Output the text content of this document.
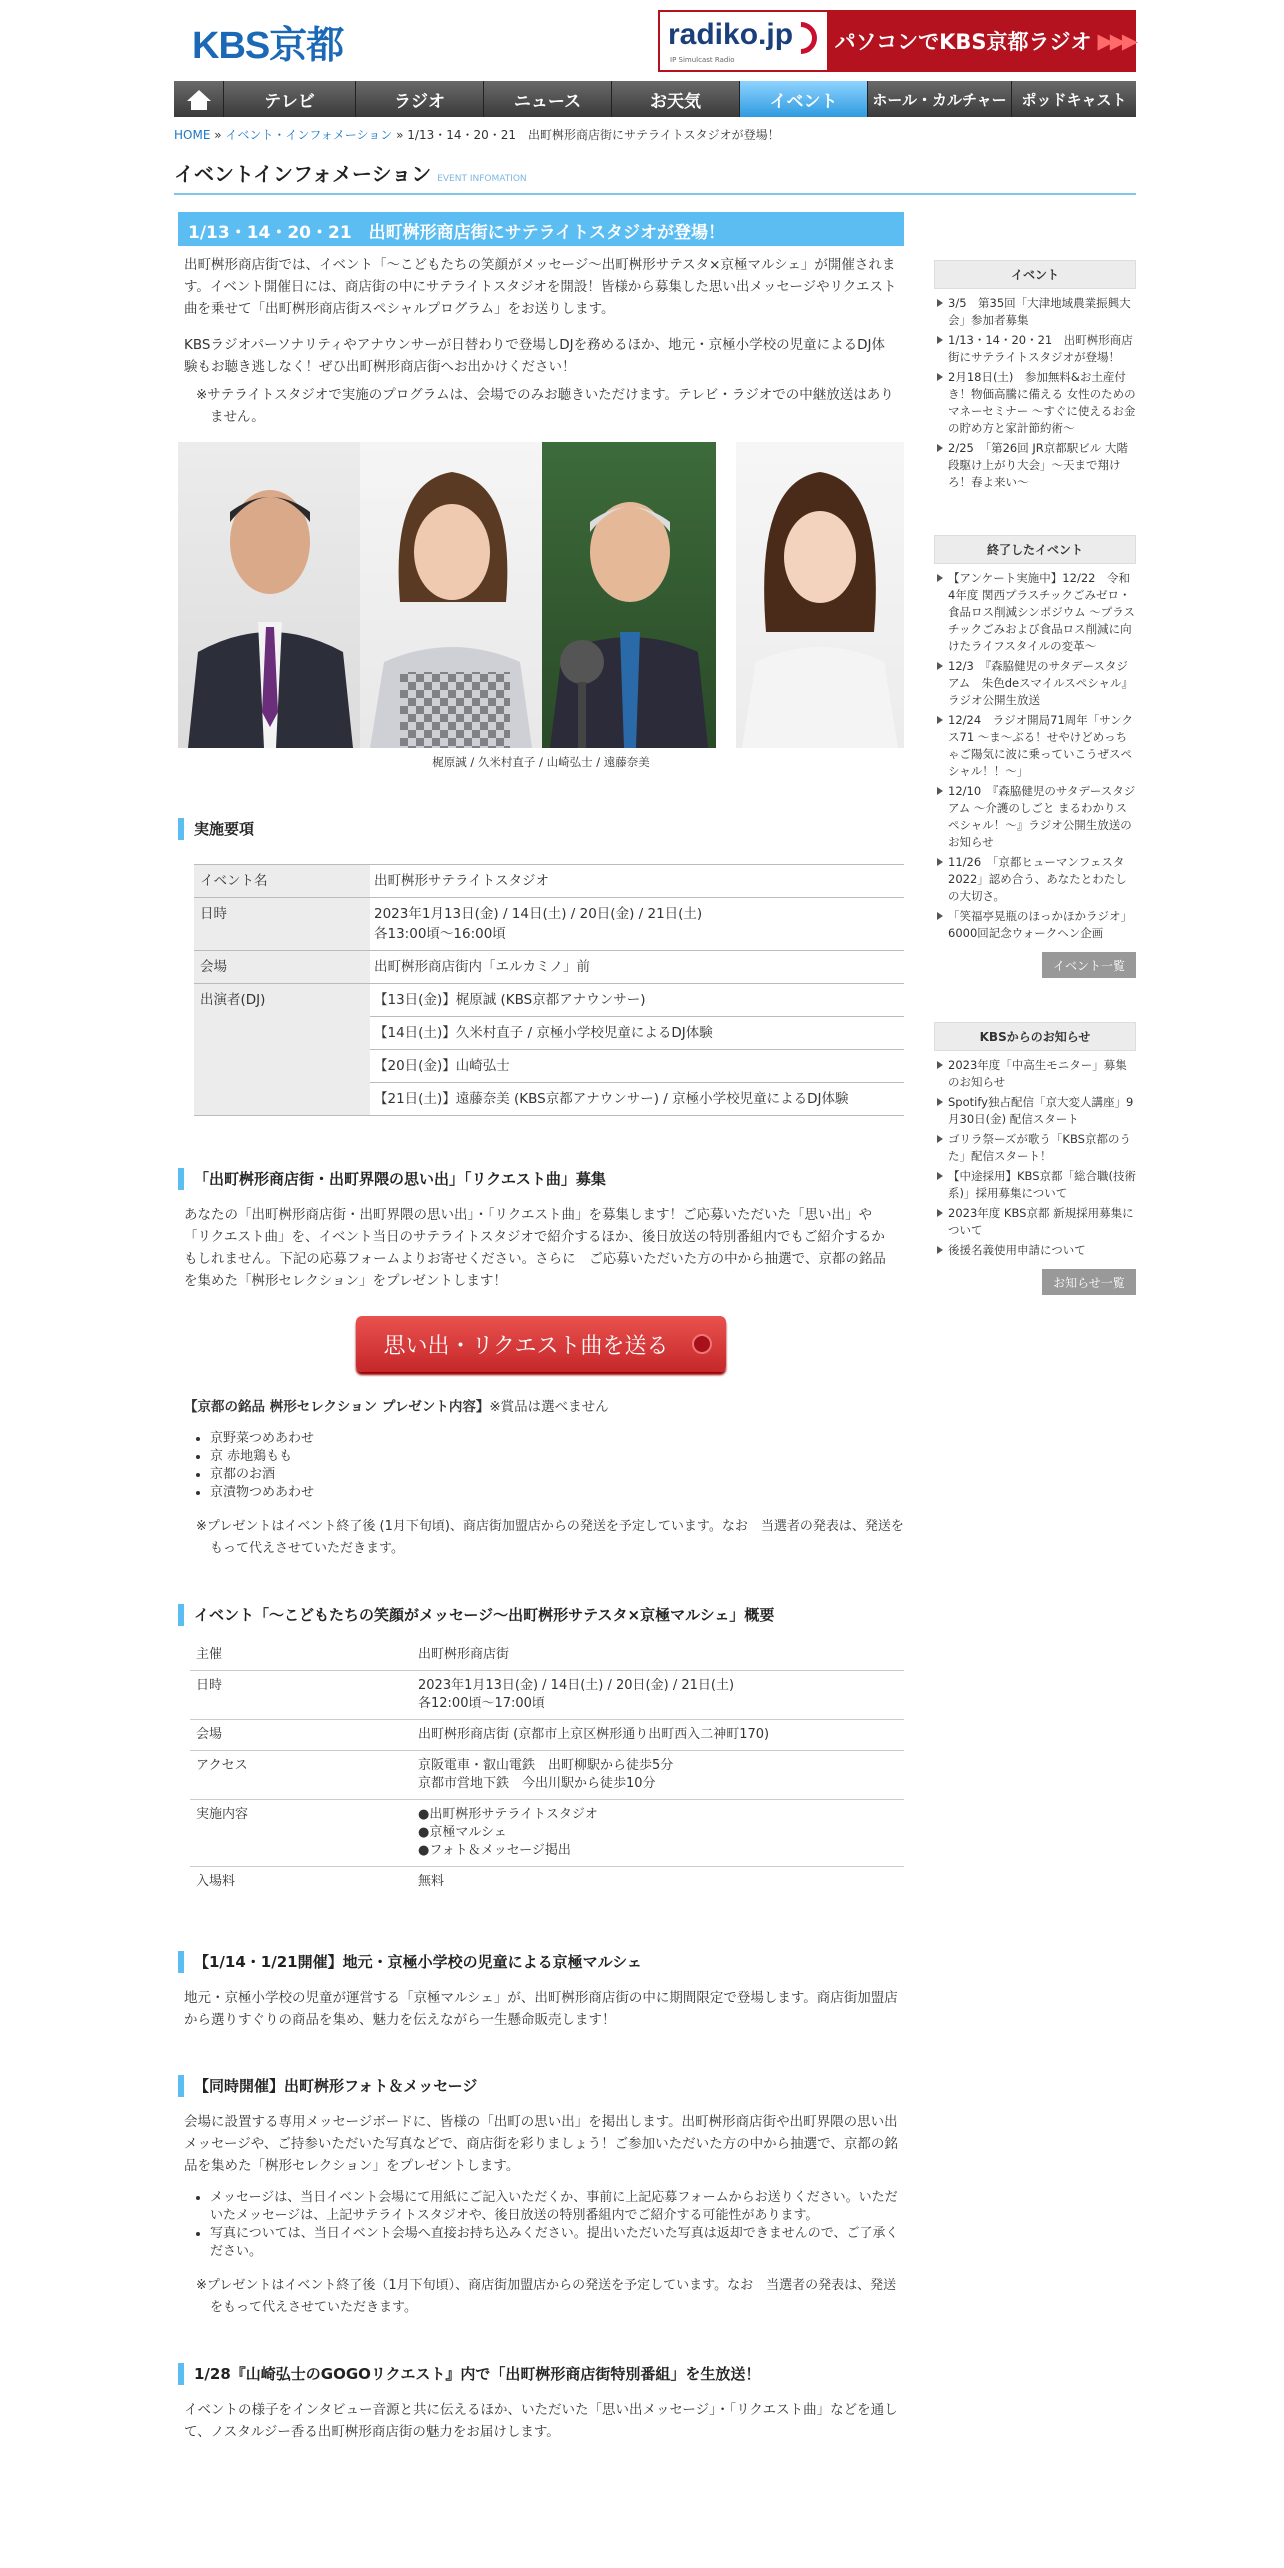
KBS京都	radiko.jp
IP Simulcast Radio
パソコンでKBS京都ラジオ ▶▶▶
テレビ	ラジオ	ニュース	お天気	イベント	ホール・カルチャー ポッドキャスト
HOME » イベント・インフォメーション » 1/13・14・20・21　出町桝形商店街にサテライトスタジオが登場！
イベントインフォメーション EVENT INFOMATION
1/13・14・20・21　出町桝形商店街にサテライトスタジオが登場！

出町桝形商店街では、イベント「～こどもたちの笑顔がメッセージ～出町桝形サテスタ×京極マルシェ」が開催されます。イベント開催日には、商店街の中にサテライトスタジオを開設！皆様から募集した思い出メッセージやリクエスト曲を乗せて「出町桝形商店街スペシャルプログラム」をお送りします。

KBSラジオパーソナリティやアナウンサーが日替わりで登場しDJを務めるほか、地元・京極小学校の児童によるDJ体験もお聴き逃しなく！ぜひ出町桝形商店街へお出かけください！

※サテライトスタジオで実施のプログラムは、会場でのみお聴きいただけます。テレビ・ラジオでの中継放送はありません。

梶原誠 / 久米村直子 / 山崎弘士 / 遠藤奈美

実施要項
イベント名	出町桝形サテライトスタジオ
日時	2023年1月13日(金) / 14日(土) / 20日(金) / 21日(土)
各13:00頃～16:00頃
会場	出町桝形商店街内「エルカミノ」前
出演者(DJ)	【13日(金)】梶原誠 (KBS京都アナウンサー)
	【14日(土)】久米村直子 / 京極小学校児童によるDJ体験
	【20日(金)】山崎弘士
	【21日(土)】遠藤奈美 (KBS京都アナウンサー) / 京極小学校児童によるDJ体験
「出町桝形商店街・出町界隈の思い出」「リクエスト曲」募集

あなたの「出町桝形商店街・出町界隈の思い出」・「リクエスト曲」を募集します！ご応募いただいた「思い出」や「リクエスト曲」を、イベント当日のサテライトスタジオで紹介するほか、後日放送の特別番組内でもご紹介するかもしれません。下記の応募フォームよりお寄せください。さらに　ご応募いただいた方の中から抽選で、京都の銘品を集めた「桝形セレクション」をプレゼントします！

思い出・リクエスト曲を送る

【京都の銘品 桝形セレクション プレゼント内容】※賞品は選べません

• 京野菜つめあわせ
• 京 赤地鶏もも
• 京都のお酒
• 京漬物つめあわせ

※プレゼントはイベント終了後 (1月下旬頃)、商店街加盟店からの発送を予定しています。なお　当選者の発表は、発送をもって代えさせていただきます。

イベント「～こどもたちの笑顔がメッセージ～出町桝形サテスタ×京極マルシェ」概要
主催	出町桝形商店街
日時	2023年1月13日(金) / 14日(土) / 20日(金) / 21日(土)
各12:00頃～17:00頃
会場	出町桝形商店街 (京都市上京区桝形通り出町西入二神町170)
アクセス	京阪電車・叡山電鉄　出町柳駅から徒歩5分
京都市営地下鉄　今出川駅から徒歩10分
実施内容	●出町桝形サテライトスタジオ
●京極マルシェ
●フォト＆メッセージ掲出
入場料	無料
【1/14・1/21開催】地元・京極小学校の児童による京極マルシェ

地元・京極小学校の児童が運営する「京極マルシェ」が、出町桝形商店街の中に期間限定で登場します。商店街加盟店から選りすぐりの商品を集め、魅力を伝えながら一生懸命販売します！

【同時開催】出町桝形フォト＆メッセージ

会場に設置する専用メッセージボードに、皆様の「出町の思い出」を掲出します。出町桝形商店街や出町界隈の思い出メッセージや、ご持参いただいた写真などで、商店街を彩りましょう！ご参加いただいた方の中から抽選で、京都の銘品を集めた「桝形セレクション」をプレゼントします。

• メッセージは、当日イベント会場にて用紙にご記入いただくか、事前に上記応募フォームからお送りください。いただいたメッセージは、上記サテライトスタジオや、後日放送の特別番組内でご紹介する可能性があります。
• 写真については、当日イベント会場へ直接お持ち込みください。提出いただいた写真は返却できませんので、ご了承ください。

※プレゼントはイベント終了後（1月下旬頃）、商店街加盟店からの発送を予定しています。なお　当選者の発表は、発送をもって代えさせていただきます。

1/28『山崎弘士のGOGOリクエスト』内で「出町桝形商店街特別番組」を生放送！

イベントの様子をインタビュー音源と共に伝えるほか、いただいた「思い出メッセージ」・「リクエスト曲」などを通して、ノスタルジー香る出町桝形商店街の魅力をお届けします。

イベント
3/5　第35回「大津地域農業振興大会」参加者募集
1/13・14・20・21　出町桝形商店街にサテライトスタジオが登場！
2月18日(土)　参加無料&お土産付き！物価高騰に備える 女性のためのマネーセミナー ～すぐに使えるお金の貯め方と家計節約術～
2/25　「第26回 JR京都駅ビル 大階段駆け上がり大会」～天まで翔けろ！春よ来い～
終了したイベント
【アンケート実施中】12/22　令和4年度 関西プラスチックごみゼロ・食品ロス削減シンポジウム ～プラスチックごみおよび食品ロス削減に向けたライフスタイルの変革～
12/3　『森脇健児のサタデースタジアム　朱色deスマイルスペシャル』ラジオ公開生放送
12/24　ラジオ開局71周年「サンクス71 ～ま～ぶる！せやけどめっちゃご陽気に波に乗っていこうぜスペシャル！！～」
12/10　『森脇健児のサタデースタジアム ～介護のしごと まるわかりスペシャル！～』ラジオ公開生放送のお知らせ
11/26　「京都ヒューマンフェスタ2022」認め合う、あなたとわたしの大切さ。
「笑福亭晃瓶のほっかほかラジオ」6000回記念ウォークヘン企画
イベント一覧
KBSからのお知らせ
2023年度「中高生モニター」募集のお知らせ
Spotify独占配信「京大変人講座」9月30日(金) 配信スタート
ゴリラ祭ーズが歌う「KBS京都のうた」配信スタート！
【中途採用】KBS京都「総合職(技術系)」採用募集について
2023年度 KBS京都 新規採用募集について
後援名義使用申請について
お知らせ一覧
